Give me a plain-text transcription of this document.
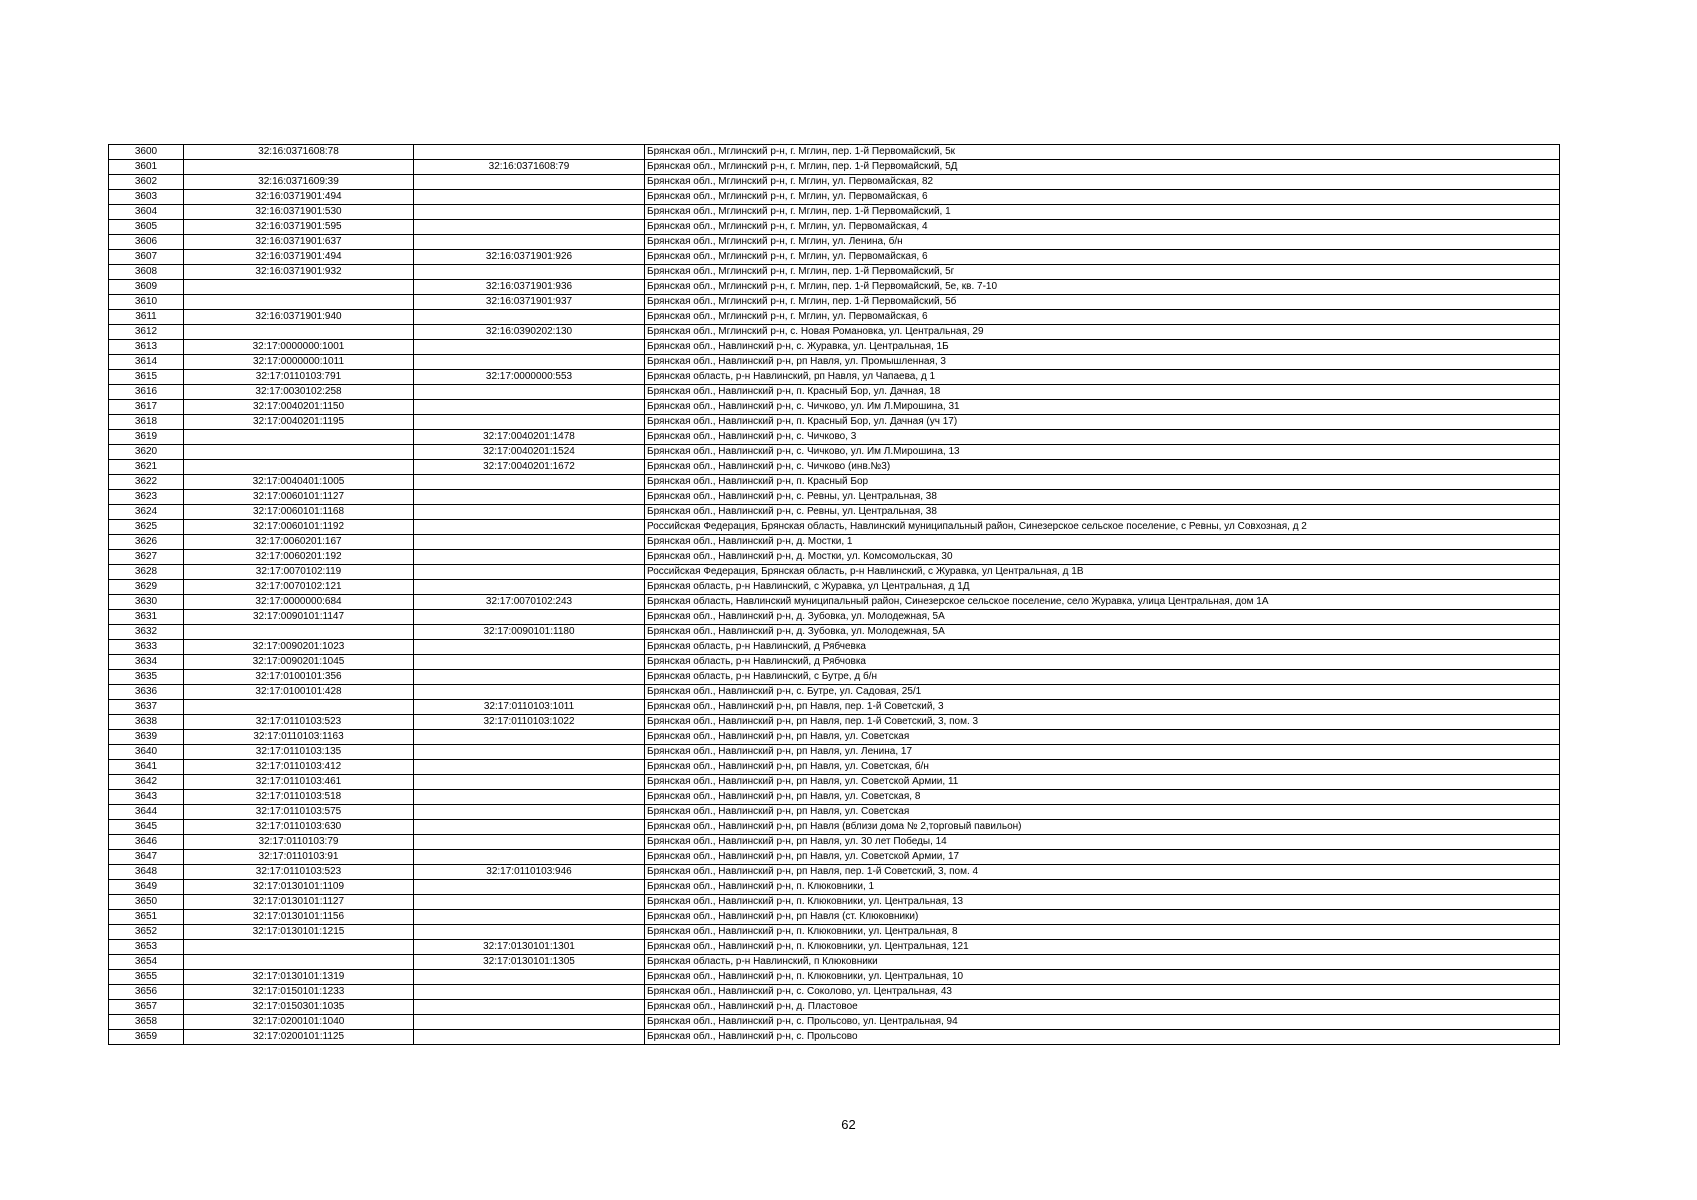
3600	32:16:0371608:78		Брянская обл., Мглинский р-н, г. Мглин, пер. 1-й Первомайский, 5к
3601		32:16:0371608:79	Брянская обл., Мглинский р-н, г. Мглин, пер. 1-й Первомайский, 5Д
3602	32:16:0371609:39		Брянская обл., Мглинский р-н, г. Мглин, ул. Первомайская, 82
3603	32:16:0371901:494		Брянская обл., Мглинский р-н, г. Мглин, ул. Первомайская, 6
3604	32:16:0371901:530		Брянская обл., Мглинский р-н, г. Мглин, пер. 1-й Первомайский, 1
3605	32:16:0371901:595		Брянская обл., Мглинский р-н, г. Мглин, ул. Первомайская, 4
3606	32:16:0371901:637		Брянская обл., Мглинский р-н, г. Мглин, ул. Ленина, б/н
3607	32:16:0371901:494	32:16:0371901:926	Брянская обл., Мглинский р-н, г. Мглин, ул. Первомайская, 6
3608	32:16:0371901:932		Брянская обл., Мглинский р-н, г. Мглин, пер. 1-й Первомайский, 5г
3609		32:16:0371901:936	Брянская обл., Мглинский р-н, г. Мглин, пер. 1-й Первомайский, 5е, кв. 7-10
3610		32:16:0371901:937	Брянская обл., Мглинский р-н, г. Мглин, пер. 1-й Первомайский, 5б
3611	32:16:0371901:940		Брянская обл., Мглинский р-н, г. Мглин, ул. Первомайская, 6
3612		32:16:0390202:130	Брянская обл., Мглинский р-н, с. Новая Романовка, ул. Центральная, 29
3613	32:17:0000000:1001		Брянская обл., Навлинский р-н, с. Журавка, ул. Центральная, 1Б
3614	32:17:0000000:1011		Брянская обл., Навлинский р-н, рп Навля, ул. Промышленная, 3
3615	32:17:0110103:791	32:17:0000000:553	Брянская область, р-н Навлинский, рп Навля, ул Чапаева, д 1
3616	32:17:0030102:258		Брянская обл., Навлинский р-н, п. Красный Бор, ул. Дачная, 18
3617	32:17:0040201:1150		Брянская обл., Навлинский р-н, с. Чичково, ул. Им Л.Мирошина, 31
3618	32:17:0040201:1195		Брянская обл., Навлинский р-н, п. Красный Бор, ул. Дачная (уч 17)
3619		32:17:0040201:1478	Брянская обл., Навлинский р-н, с. Чичково, 3
3620		32:17:0040201:1524	Брянская обл., Навлинский р-н, с. Чичково, ул. Им Л.Мирошина, 13
3621		32:17:0040201:1672	Брянская обл., Навлинский р-н, с. Чичково (инв.№3)
3622	32:17:0040401:1005		Брянская обл., Навлинский р-н, п. Красный Бор
3623	32:17:0060101:1127		Брянская обл., Навлинский р-н, с. Ревны, ул. Центральная, 38
3624	32:17:0060101:1168		Брянская обл., Навлинский р-н, с. Ревны, ул. Центральная, 38
3625	32:17:0060101:1192		Российская Федерация, Брянская область, Навлинский муниципальный район, Синезерское сельское поселение, с Ревны, ул Совхозная, д 2
3626	32:17:0060201:167		Брянская обл., Навлинский р-н, д. Мостки, 1
3627	32:17:0060201:192		Брянская обл., Навлинский р-н, д. Мостки, ул. Комсомольская, 30
3628	32:17:0070102:119		Российская Федерация, Брянская область, р-н Навлинский, с Журавка, ул Центральная, д 1В
3629	32:17:0070102:121		Брянская область, р-н Навлинский, с Журавка, ул Центральная, д 1Д
3630	32:17:0000000:684	32:17:0070102:243	Брянская область, Навлинский муниципальный район, Синезерское сельское поселение, село Журавка, улица Центральная, дом 1А
3631	32:17:0090101:1147		Брянская обл., Навлинский р-н, д. Зубовка, ул. Молодежная, 5А
3632		32:17:0090101:1180	Брянская обл., Навлинский р-н, д. Зубовка, ул. Молодежная, 5А
3633	32:17:0090201:1023		Брянская область, р-н Навлинский, д Рябчевка
3634	32:17:0090201:1045		Брянская область, р-н Навлинский, д Рябчовка
3635	32:17:0100101:356		Брянская область, р-н Навлинский, с Бутре, д б/н
3636	32:17:0100101:428		Брянская обл., Навлинский р-н, с. Бутре, ул. Садовая, 25/1
3637		32:17:0110103:1011	Брянская обл., Навлинский р-н, рп Навля, пер. 1-й Советский, 3
3638	32:17:0110103:523	32:17:0110103:1022	Брянская обл., Навлинский р-н, рп Навля, пер. 1-й Советский, 3, пом. 3
3639	32:17:0110103:1163		Брянская обл., Навлинский р-н, рп Навля, ул. Советская
3640	32:17:0110103:135		Брянская обл., Навлинский р-н, рп Навля, ул. Ленина, 17
3641	32:17:0110103:412		Брянская обл., Навлинский р-н, рп Навля, ул. Советская, б/н
3642	32:17:0110103:461		Брянская обл., Навлинский р-н, рп Навля, ул. Советской Армии, 11
3643	32:17:0110103:518		Брянская обл., Навлинский р-н, рп Навля, ул. Советская, 8
3644	32:17:0110103:575		Брянская обл., Навлинский р-н, рп Навля, ул. Советская
3645	32:17:0110103:630		Брянская обл., Навлинский р-н, рп Навля (вблизи дома № 2,торговый павильон)
3646	32:17:0110103:79		Брянская обл., Навлинский р-н, рп Навля, ул. 30 лет Победы, 14
3647	32:17:0110103:91		Брянская обл., Навлинский р-н, рп Навля, ул. Советской Армии, 17
3648	32:17:0110103:523	32:17:0110103:946	Брянская обл., Навлинский р-н, рп Навля, пер. 1-й Советский, 3, пом. 4
3649	32:17:0130101:1109		Брянская обл., Навлинский р-н, п. Клюковники, 1
3650	32:17:0130101:1127		Брянская обл., Навлинский р-н, п. Клюковники, ул. Центральная, 13
3651	32:17:0130101:1156		Брянская обл., Навлинский р-н, рп Навля (ст. Клюковники)
3652	32:17:0130101:1215		Брянская обл., Навлинский р-н, п. Клюковники, ул. Центральная, 8
3653		32:17:0130101:1301	Брянская обл., Навлинский р-н, п. Клюковники, ул. Центральная, 121
3654		32:17:0130101:1305	Брянская область, р-н Навлинский, п Клюковники
3655	32:17:0130101:1319		Брянская обл., Навлинский р-н, п. Клюковники, ул. Центральная, 10
3656	32:17:0150101:1233		Брянская обл., Навлинский р-н, с. Соколово, ул. Центральная, 43
3657	32:17:0150301:1035		Брянская обл., Навлинский р-н, д. Пластовое
3658	32:17:0200101:1040		Брянская обл., Навлинский р-н, с. Прольсово, ул. Центральная, 94
3659	32:17:0200101:1125		Брянская обл., Навлинский р-н, с. Прольсово
62
